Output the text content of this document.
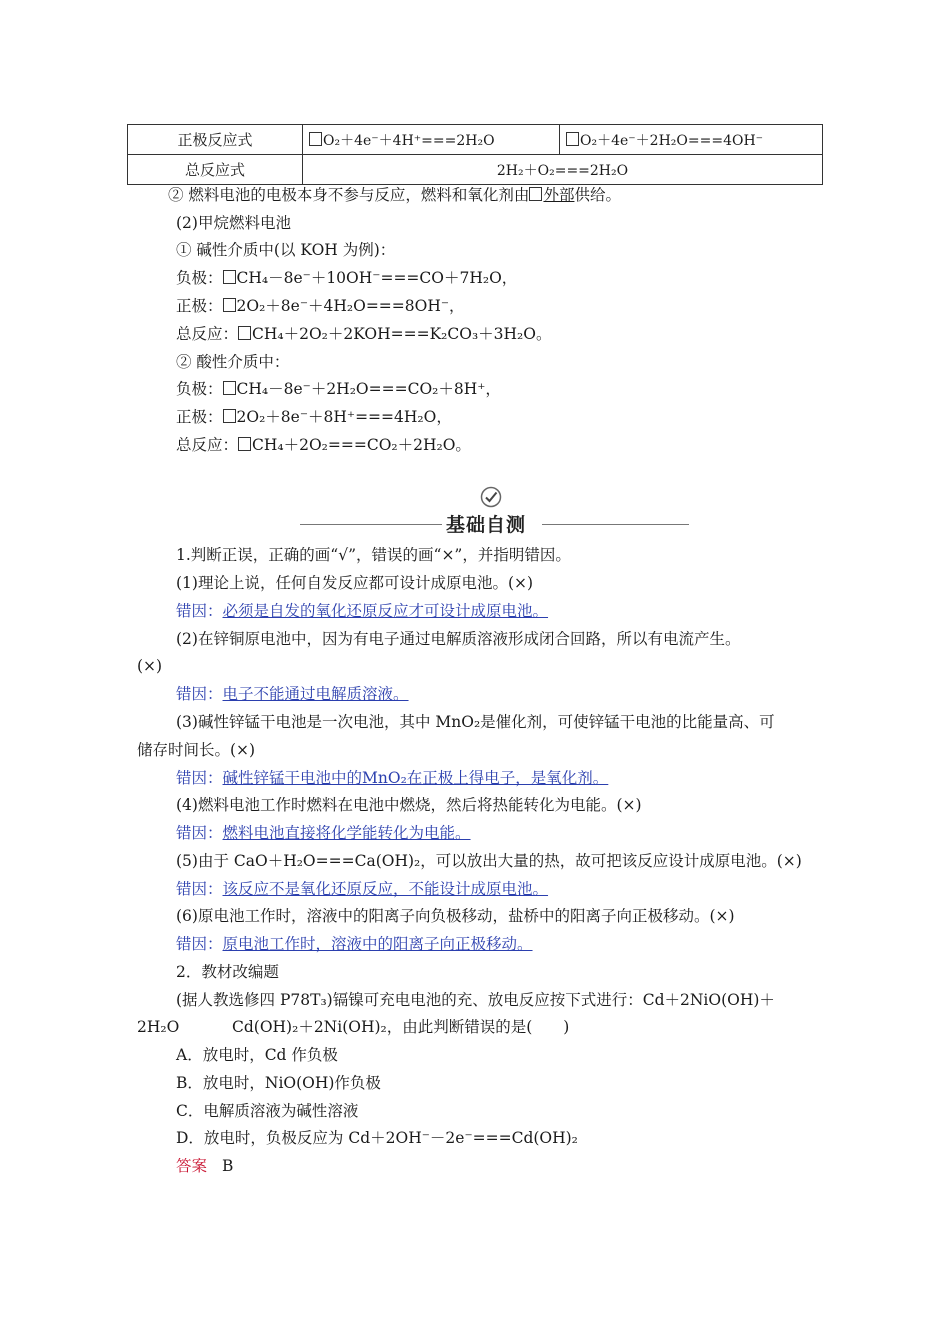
正极反应式	O₂＋4e⁻＋4H⁺===2H₂O	O₂＋4e⁻＋2H₂O===4OH⁻
总反应式	2H₂＋O₂===2H₂O	
② 燃料电池的电极本身不参与反应，燃料和氧化剂由 外部供给。
(2)甲烷燃料电池
① 碱性介质中(以 KOH 为例)：
负极： CH₄－8e⁻＋10OH⁻===CO＋7H₂O，
正极： 2O₂＋8e⁻＋4H₂O===8OH⁻，
总反应： CH₄＋2O₂＋2KOH===K₂CO₃＋3H₂O。
② 酸性介质中：
负极： CH₄－8e⁻＋2H₂O===CO₂＋8H⁺，
正极： 2O₂＋8e⁻＋8H⁺===4H₂O，
总反应： CH₄＋2O₂===CO₂＋2H₂O。
基础自测
1.判断正误，正确的画“√”，错误的画“×”，并指明错因。
(1)理论上说，任何自发反应都可设计成原电池。(×)
错因：必须是自发的氧化还原反应才可设计成原电池。
(2)在锌铜原电池中，因为有电子通过电解质溶液形成闭合回路，所以有电流产生。
(×)
错因：电子不能通过电解质溶液。
(3)碱性锌锰干电池是一次电池，其中 MnO₂是催化剂，可使锌锰干电池的比能量高、可
储存时间长。(×)
错因：碱性锌锰干电池中的MnO₂在正极上得电子，是氧化剂。
(4)燃料电池工作时燃料在电池中燃烧，然后将热能转化为电能。(×)
错因：燃料电池直接将化学能转化为电能。
(5)由于 CaO＋H₂O===Ca(OH)₂，可以放出大量的热，故可把该反应设计成原电池。(×)
错因：该反应不是氧化还原反应，不能设计成原电池。
(6)原电池工作时，溶液中的阳离子向负极移动，盐桥中的阳离子向正极移动。(×)
错因：原电池工作时，溶液中的阳离子向正极移动。
2．教材改编题
(据人教选修四 P78T₃)镉镍可充电电池的充、放电反应按下式进行：Cd＋2NiO(OH)＋
2H₂O	Cd(OH)₂＋2Ni(OH)₂，由此判断错误的是(　　)
A．放电时，Cd 作负极
B．放电时，NiO(OH)作负极
C．电解质溶液为碱性溶液
D．放电时，负极反应为 Cd＋2OH⁻－2e⁻===Cd(OH)₂
答案 B
